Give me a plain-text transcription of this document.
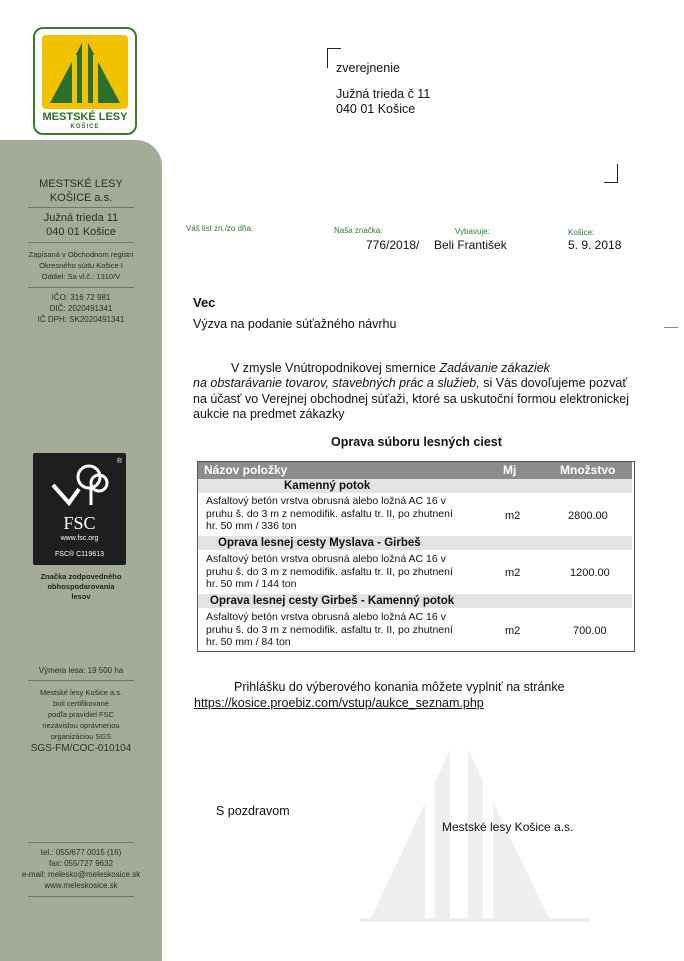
MESTSKÉ LESY
KOŠICE
MESTSKÉ LESY
KOŠICE a.s.
Južná trieda 11
040 01 Košice
Zapísaná v Obchodnom registri
Okresného súdu Košice I
Oddiel: Sa vl.č.: 1310/V
IČO: 316 72 981
DIČ: 2020491341
IČ DPH: SK2020491341
®
FSC
www.fsc.org
FSC® C119613
Značka zodpovedného
obhospodarovania
lesov
Výmera lesa: 19 500 ha
Mestské lesy Košice a.s.
boli certifikované
podľa pravidiel FSC
nezávislou oprávnenou
organizáciou SGS
SGS-FM/COC-010104
tel.: 055/677 0015 (16)
fax: 055/727 9632
e-mail: melesko@meleskosice.sk
www.meleskosice.sk
zverejnenie
Južná trieda č 11
040 01 Košice
Váš list zn./zo dňa:	Naša značka:	Vybavuje:	Košice:
776/2018/ Beli František	5. 9. 2018
Vec
Výzva na podanie súťažného návrhu
V zmysle Vnútropodnikovej smernice Zadávanie zákaziek
na obstarávanie tovarov, stavebných prác a služieb, si Vás dovoľujeme pozvať
na účasť vo Verejnej obchodnej súťaži, ktoré sa uskutoční formou elektronickej
aukcie na predmet zákazky
Oprava súboru lesných ciest
Názov položky	Mj	Množstvo
Kamenný potok
Asfaltový betón vrstva obrusná alebo ložná AC 16 v
pruhu š. do 3 m z nemodifik. asfaltu tr. II, po zhutnení
hr. 50 mm / 336 ton
m2	2800.00
Oprava lesnej cesty Myslava - Girbeš
Asfaltový betón vrstva obrusná alebo ložná AC 16 v
pruhu š. do 3 m z nemodifik. asfaltu tr. II, po zhutnení
hr. 50 mm / 144 ton
m2	1200.00
Oprava lesnej cesty Girbeš - Kamenný potok
Asfaltový betón vrstva obrusná alebo ložná AC 16 v
pruhu š. do 3 m z nemodifik. asfaltu tr. II, po zhutnení
hr. 50 mm / 84 ton
m2	700.00
Prihlášku do výberového konania môžete vyplniť na stránke
https://kosice.proebiz.com/vstup/aukce_seznam.php
S pozdravom
Mestské lesy Košice a.s.
